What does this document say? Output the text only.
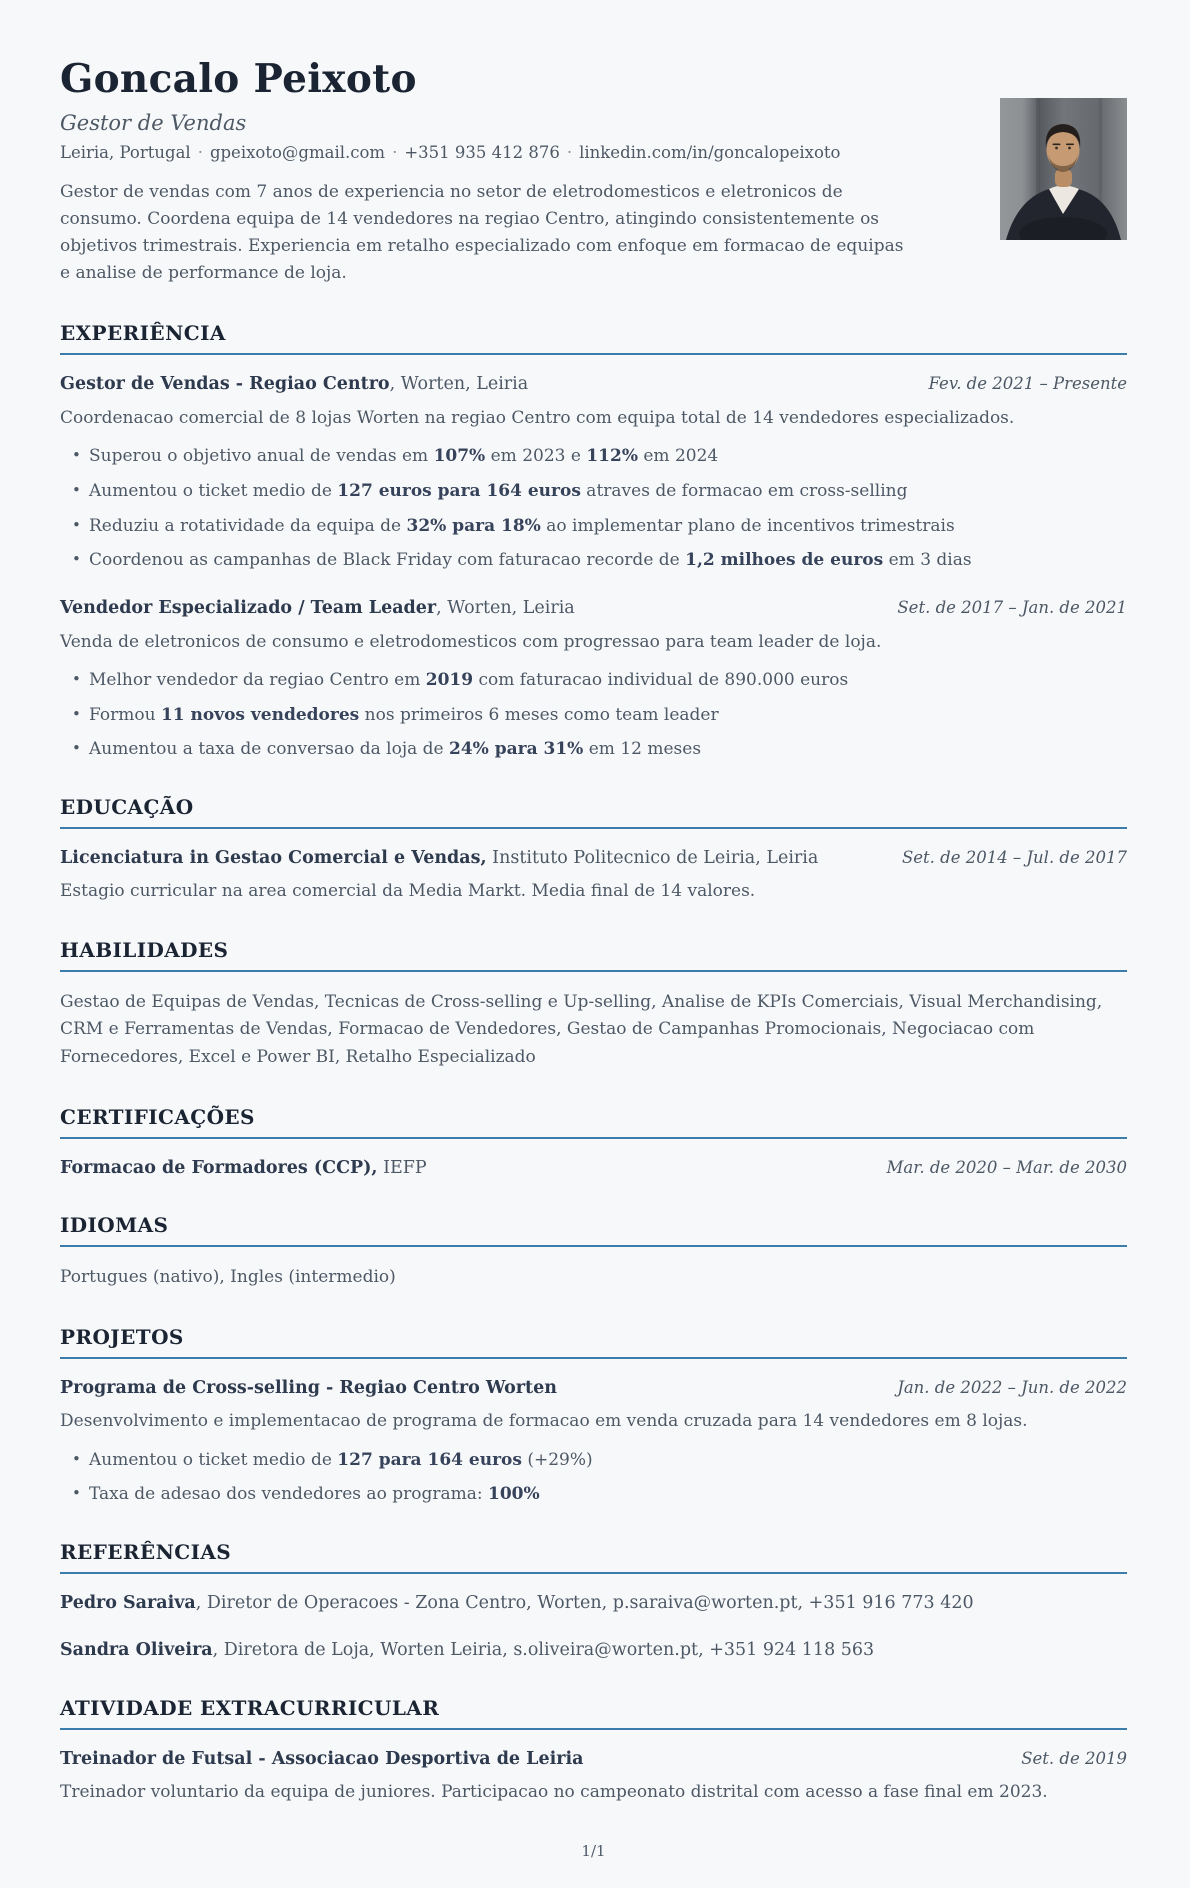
Goncalo Peixoto

Gestor de Vendas

Leiria, Portugal · gpeixoto@gmail.com · +351 935 412 876 · linkedin.com/in/goncalopeixoto

Gestor de vendas com 7 anos de experiencia no setor de eletrodomesticos e eletronicos de consumo. Coordena equipa de 14 vendedores na regiao Centro, atingindo consistentemente os objetivos trimestrais. Experiencia em retalho especializado com enfoque em formacao de equipas e analise de performance de loja.

EXPERIÊNCIA

Gestor de Vendas - Regiao Centro, Worten, Leiria	Fev. de 2021 – Presente

Coordenacao comercial de 8 lojas Worten na regiao Centro com equipa total de 14 vendedores especializados.

• Superou o objetivo anual de vendas em 107% em 2023 e 112% em 2024
• Aumentou o ticket medio de 127 euros para 164 euros atraves de formacao em cross-selling
• Reduziu a rotatividade da equipa de 32% para 18% ao implementar plano de incentivos trimestrais
• Coordenou as campanhas de Black Friday com faturacao recorde de 1,2 milhoes de euros em 3 dias

Vendedor Especializado / Team Leader, Worten, Leiria	Set. de 2017 – Jan. de 2021

Venda de eletronicos de consumo e eletrodomesticos com progressao para team leader de loja.

• Melhor vendedor da regiao Centro em 2019 com faturacao individual de 890.000 euros
• Formou 11 novos vendedores nos primeiros 6 meses como team leader
• Aumentou a taxa de conversao da loja de 24% para 31% em 12 meses
EDUCAÇÃO

Licenciatura in Gestao Comercial e Vendas, Instituto Politecnico de Leiria, Leiria	Set. de 2014 – Jul. de 2017

Estagio curricular na area comercial da Media Markt. Media final de 14 valores.

HABILIDADES

Gestao de Equipas de Vendas, Tecnicas de Cross-selling e Up-selling, Analise de KPIs Comerciais, Visual Merchandising, CRM e Ferramentas de Vendas, Formacao de Vendedores, Gestao de Campanhas Promocionais, Negociacao com Fornecedores, Excel e Power BI, Retalho Especializado

CERTIFICAÇÕES

Formacao de Formadores (CCP), IEFP	Mar. de 2020 – Mar. de 2030
IDIOMAS

Portugues (nativo), Ingles (intermedio)

PROJETOS

Programa de Cross-selling - Regiao Centro Worten	Jan. de 2022 – Jun. de 2022

Desenvolvimento e implementacao de programa de formacao em venda cruzada para 14 vendedores em 8 lojas.

• Aumentou o ticket medio de 127 para 164 euros (+29%)
• Taxa de adesao dos vendedores ao programa: 100%
REFERÊNCIAS

Pedro Saraiva, Diretor de Operacoes - Zona Centro, Worten, p.saraiva@worten.pt, +351 916 773 420

Sandra Oliveira, Diretora de Loja, Worten Leiria, s.oliveira@worten.pt, +351 924 118 563

ATIVIDADE EXTRACURRICULAR

Treinador de Futsal - Associacao Desportiva de Leiria	Set. de 2019

Treinador voluntario da equipa de juniores. Participacao no campeonato distrital com acesso a fase final em 2023.

1/1
